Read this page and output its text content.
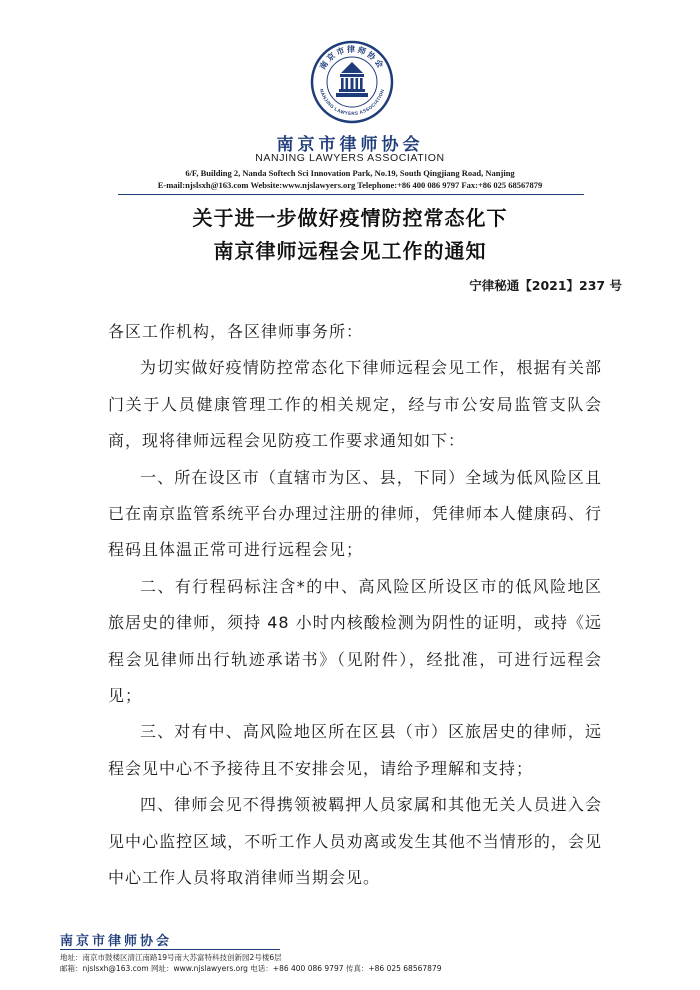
南京市律师协会
NANJING LAWYERS ASSOCIATION
南京市律师协会
NANJING LAWYERS ASSOCIATION
6/F, Building 2, Nanda Softech Sci Innovation Park, No.19, South Qingjiang Road, Nanjing
E-mail:njslsxh@163.com Website:www.njslawyers.org Telephone:+86 400 086 9797 Fax:+86 025 68567879
关于进一步做好疫情防控常态化下
南京律师远程会见工作的通知
宁律秘通【2021】237 号

各区工作机构，各区律师事务所：

为切实做好疫情防控常态化下律师远程会见工作，根据有关部门关于人员健康管理工作的相关规定，经与市公安局监管支队会商，现将律师远程会见防疫工作要求通知如下：

一、所在设区市（直辖市为区、县，下同）全域为低风险区且已在南京监管系统平台办理过注册的律师，凭律师本人健康码、行程码且体温正常可进行远程会见；

二、有行程码标注含*的中、高风险区所设区市的低风险地区旅居史的律师，须持 48 小时内核酸检测为阴性的证明，或持《远程会见律师出行轨迹承诺书》（见附件），经批准，可进行远程会见；

三、对有中、高风险地区所在区县（市）区旅居史的律师，远程会见中心不予接待且不安排会见，请给予理解和支持；

四、律师会见不得携领被羁押人员家属和其他无关人员进入会见中心监控区域，不听工作人员劝离或发生其他不当情形的，会见中心工作人员将取消律师当期会见。

南京市律师协会
地址：南京市鼓楼区清江南路19号南大苏富特科技创新园2号楼6层
邮箱：njslsxh@163.com 网址：www.njslawyers.org 电话：+86 400 086 9797 传真：+86 025 68567879
